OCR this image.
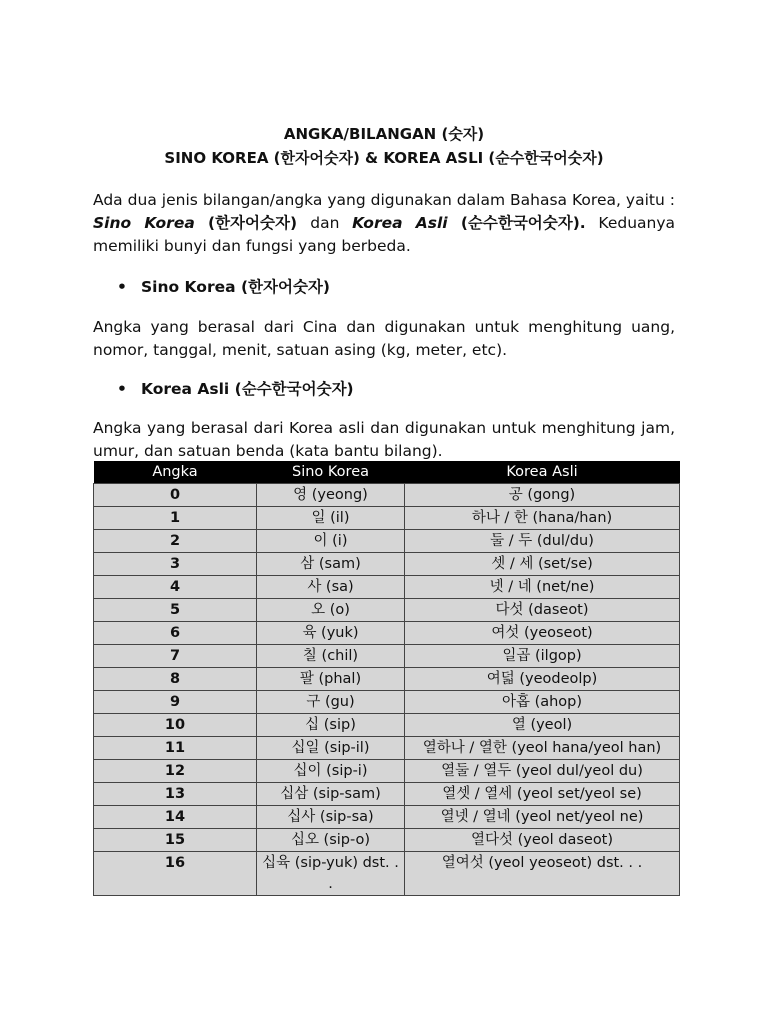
ANGKA/BILANGAN (숫자)
SINO KOREA (한자어숫자) & KOREA ASLI (순수한국어숫자)
Ada dua jenis bilangan/angka yang digunakan dalam Bahasa Korea, yaitu : Sino Korea (한자어숫자) dan Korea Asli (순수한국어숫자). Keduanya memiliki bunyi dan fungsi yang berbeda.
• Sino Korea (한자어숫자)
Angka yang berasal dari Cina dan digunakan untuk menghitung uang, nomor, tanggal, menit, satuan asing (kg, meter, etc).
• Korea Asli (순수한국어숫자)
Angka yang berasal dari Korea asli dan digunakan untuk menghitung jam, umur, dan satuan benda (kata bantu bilang).
Angka	Sino Korea	Korea Asli
0	영 (yeong)	공 (gong)
1	일 (il)	하나 / 한 (hana/han)
2	이 (i)	둘 / 두 (dul/du)
3	삼 (sam)	셋 / 세 (set/se)
4	사 (sa)	넷 / 네 (net/ne)
5	오 (o)	다섯 (daseot)
6	육 (yuk)	여섯 (yeoseot)
7	칠 (chil)	일곱 (ilgop)
8	팔 (phal)	여덟 (yeodeolp)
9	구 (gu)	아홉 (ahop)
10	십 (sip)	열 (yeol)
11	십일 (sip-il)	열하나 / 열한 (yeol hana/yeol han)
12	십이 (sip-i)	열둘 / 열두 (yeol dul/yeol du)
13	십삼 (sip-sam)	열셋 / 열세 (yeol set/yeol se)
14	십사 (sip-sa)	열넷 / 열네 (yeol net/yeol ne)
15	십오 (sip-o)	열다섯 (yeol daseot)
16	십육 (sip-yuk) dst. . .	열여섯 (yeol yeoseot) dst. . .
